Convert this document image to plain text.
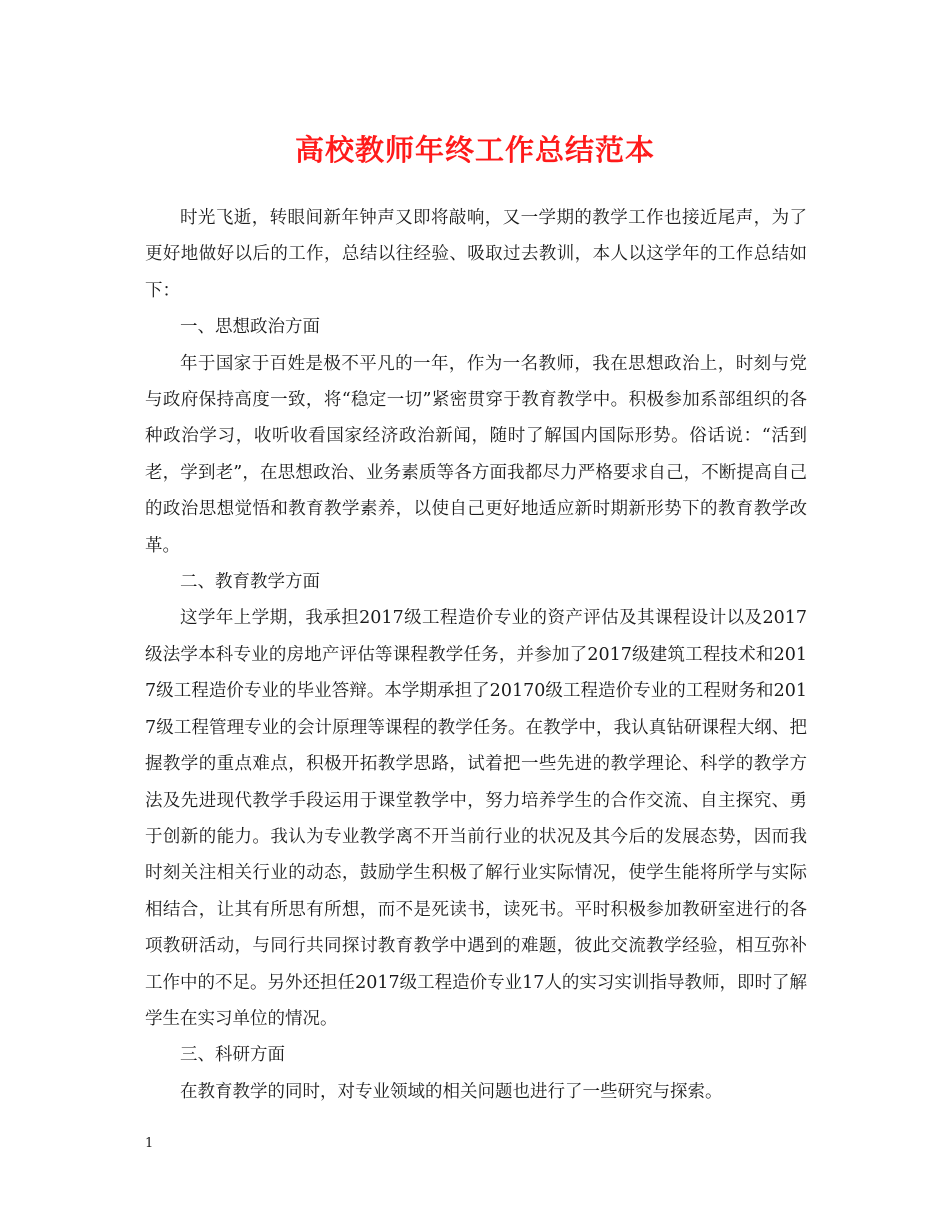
高校教师年终工作总结范本

时光飞逝，转眼间新年钟声又即将敲响，又一学期的教学工作也接近尾声，为了更好地做好以后的工作，总结以往经验、吸取过去教训，本人以这学年的工作总结如下：

一、思想政治方面

年于国家于百姓是极不平凡的一年，作为一名教师，我在思想政治上，时刻与党与政府保持高度一致，将“稳定一切”紧密贯穿于教育教学中。积极参加系部组织的各种政治学习，收听收看国家经济政治新闻，随时了解国内国际形势。俗话说：“活到老，学到老”，在思想政治、业务素质等各方面我都尽力严格要求自己，不断提高自己的政治思想觉悟和教育教学素养，以使自己更好地适应新时期新形势下的教育教学改革。

二、教育教学方面

这学年上学期，我承担2017级工程造价专业的资产评估及其课程设计以及2017级法学本科专业的房地产评估等课程教学任务，并参加了2017级建筑工程技术和2017级工程造价专业的毕业答辩。本学期承担了20170级工程造价专业的工程财务和2017级工程管理专业的会计原理等课程的教学任务。在教学中，我认真钻研课程大纲、把握教学的重点难点，积极开拓教学思路，试着把一些先进的教学理论、科学的教学方法及先进现代教学手段运用于课堂教学中，努力培养学生的合作交流、自主探究、勇于创新的能力。我认为专业教学离不开当前行业的状况及其今后的发展态势，因而我时刻关注相关行业的动态，鼓励学生积极了解行业实际情况，使学生能将所学与实际相结合，让其有所思有所想，而不是死读书，读死书。平时积极参加教研室进行的各项教研活动，与同行共同探讨教育教学中遇到的难题，彼此交流教学经验，相互弥补工作中的不足。另外还担任2017级工程造价专业17人的实习实训指导教师，即时了解学生在实习单位的情况。

三、科研方面

在教育教学的同时，对专业领域的相关问题也进行了一些研究与探索。

1
